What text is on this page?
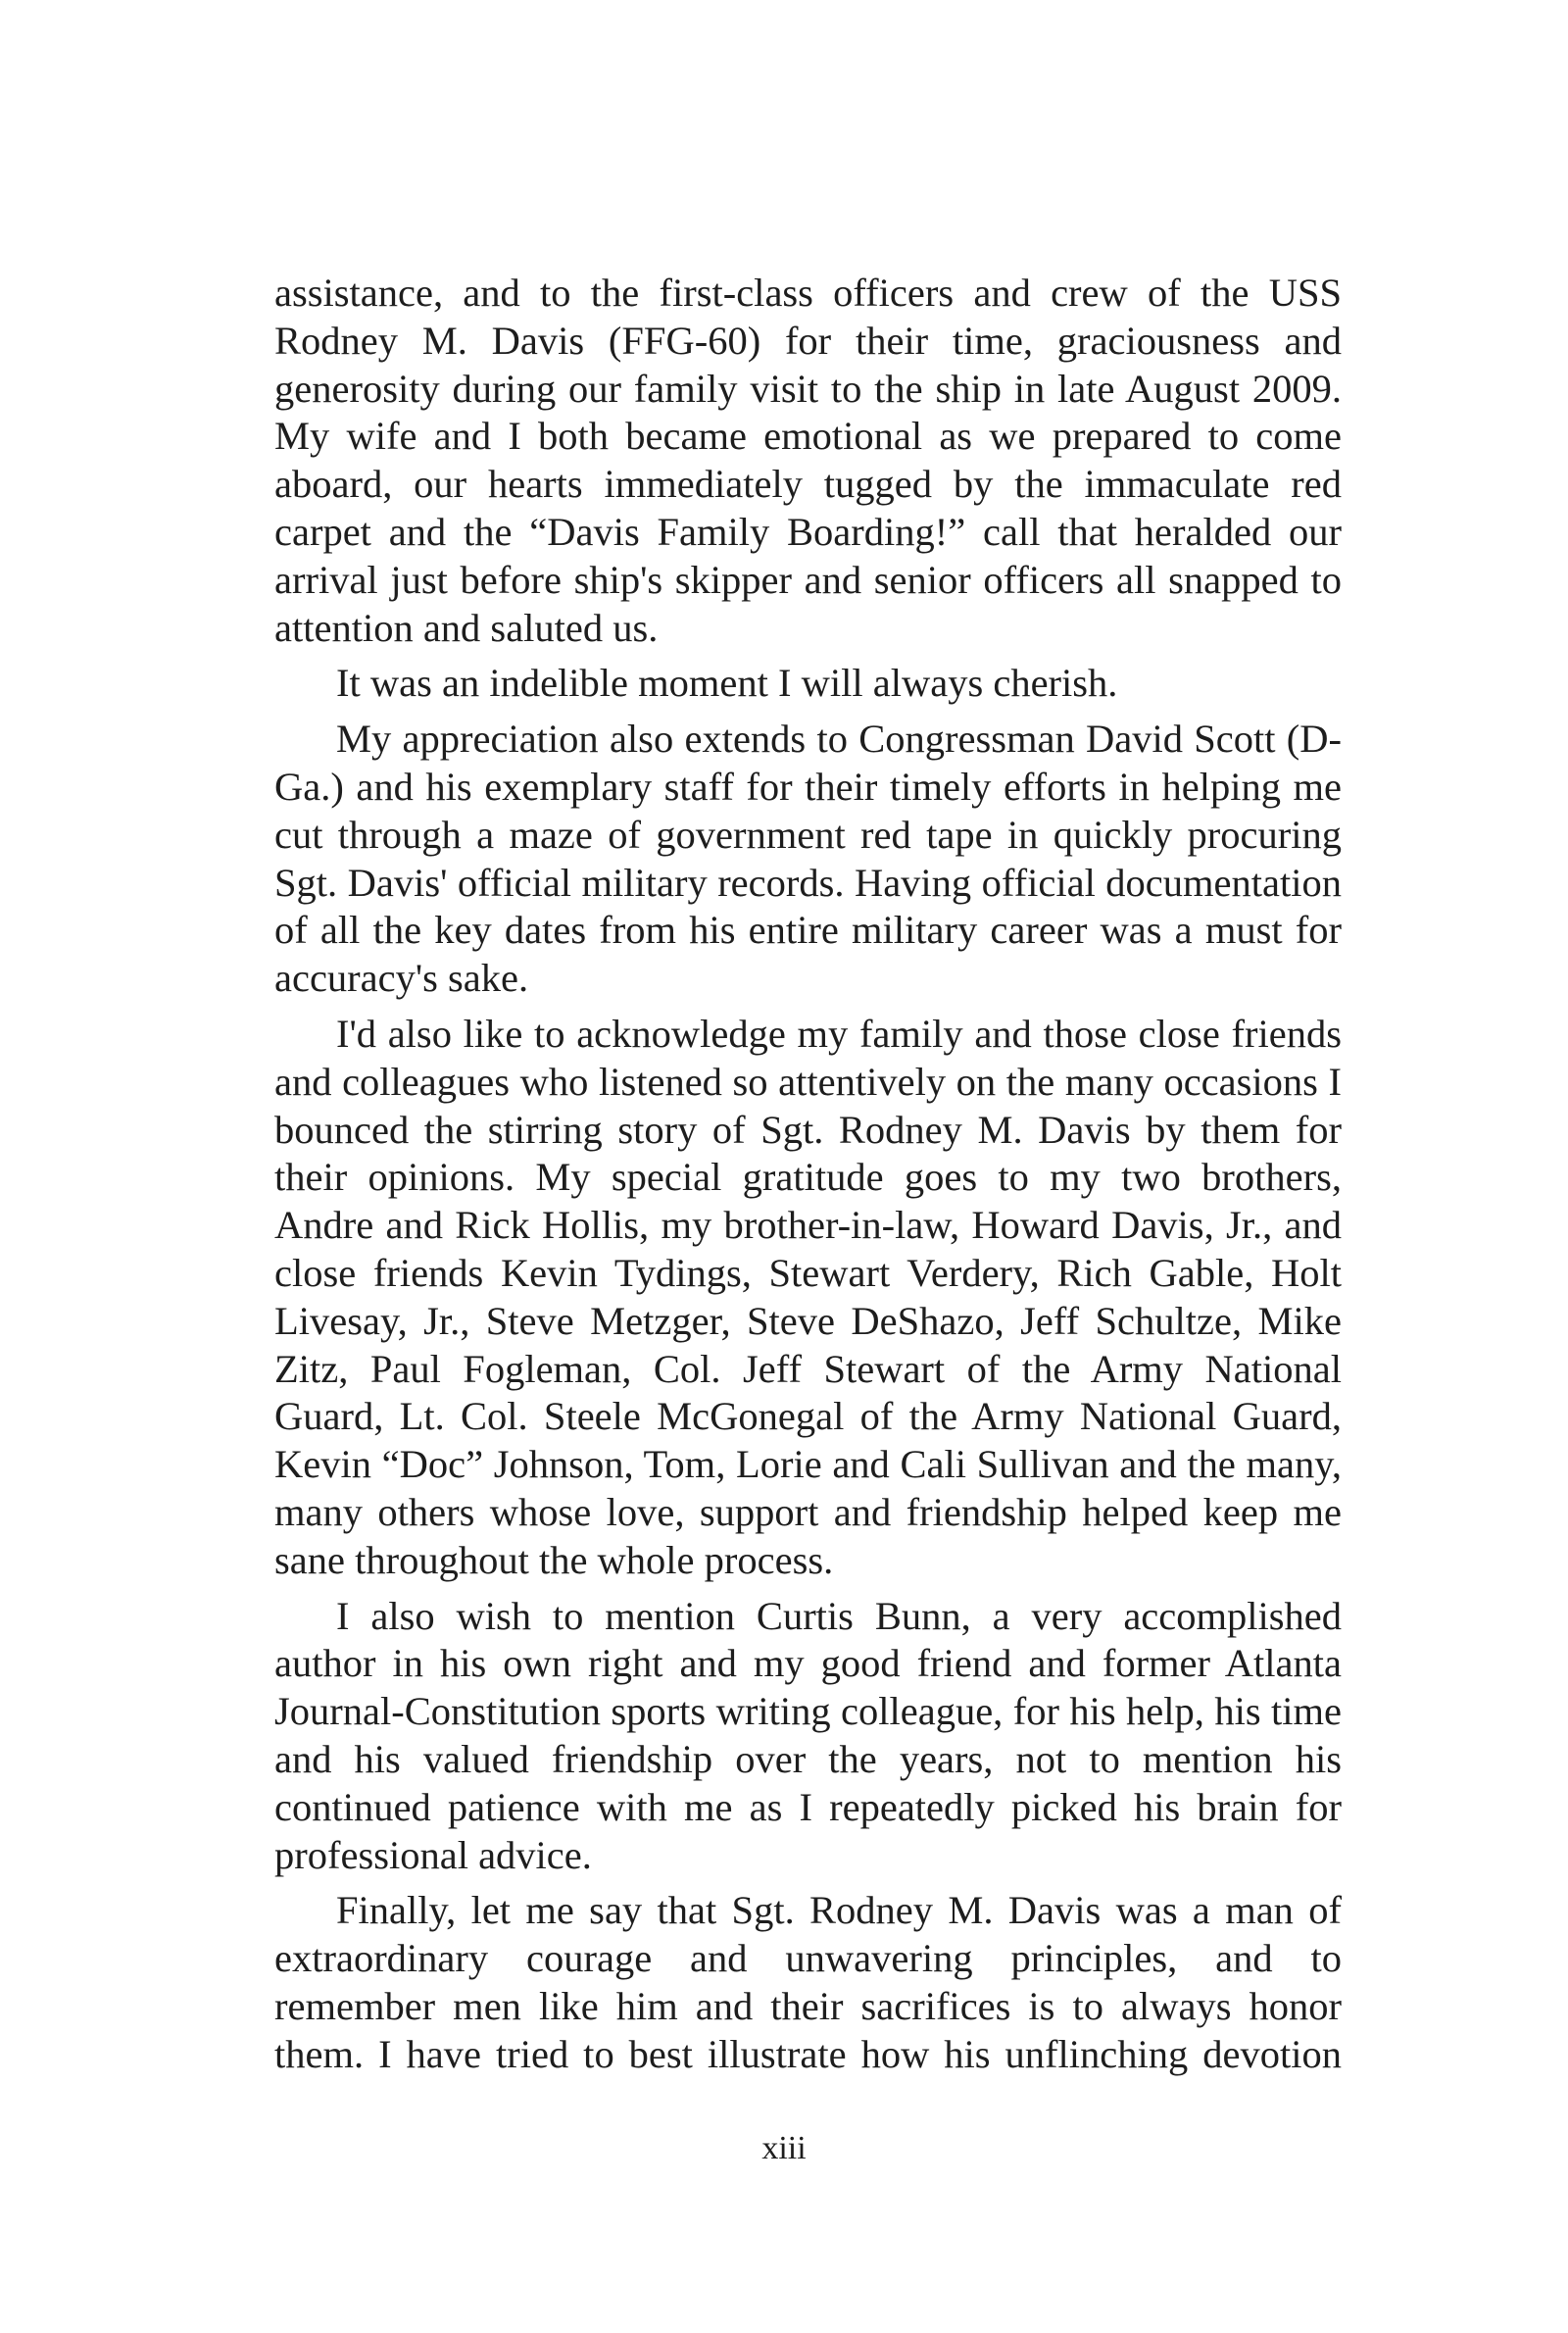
assistance, and to the first-class officers and crew of the USS Rodney M. Davis (FFG-60) for their time, graciousness and generosity during our family visit to the ship in late August 2009. My wife and I both became emotional as we prepared to come aboard, our hearts immediately tugged by the immaculate red carpet and the “Davis Family Boarding!” call that heralded our arrival just before ship's skipper and senior officers all snapped to attention and saluted us.

It was an indelible moment I will always cherish.

My appreciation also extends to Congressman David Scott (D-Ga.) and his exemplary staff for their timely efforts in helping me cut through a maze of government red tape in quickly procuring Sgt. Davis' official military records. Having official documentation of all the key dates from his entire military career was a must for accuracy's sake.

I'd also like to acknowledge my family and those close friends and colleagues who listened so attentively on the many occasions I bounced the stirring story of Sgt. Rodney M. Davis by them for their opinions. My special gratitude goes to my two brothers, Andre and Rick Hollis, my brother-in-law, Howard Davis, Jr., and close friends Kevin Tydings, Stewart Verdery, Rich Gable, Holt Livesay, Jr., Steve Metzger, Steve DeShazo, Jeff Schultze, Mike Zitz, Paul Fogleman, Col. Jeff Stewart of the Army National Guard, Lt. Col. Steele McGonegal of the Army National Guard, Kevin “Doc” Johnson, Tom, Lorie and Cali Sullivan and the many, many others whose love, support and friendship helped keep me sane throughout the whole process.

I also wish to mention Curtis Bunn, a very accomplished author in his own right and my good friend and former Atlanta Journal-Constitution sports writing colleague, for his help, his time and his valued friendship over the years, not to mention his continued patience with me as I repeatedly picked his brain for professional advice.

Finally, let me say that Sgt. Rodney M. Davis was a man of extraordinary courage and unwavering principles, and to remember men like him and their sacrifices is to always honor them. I have tried to best illustrate how his unflinching devotion

xiii
